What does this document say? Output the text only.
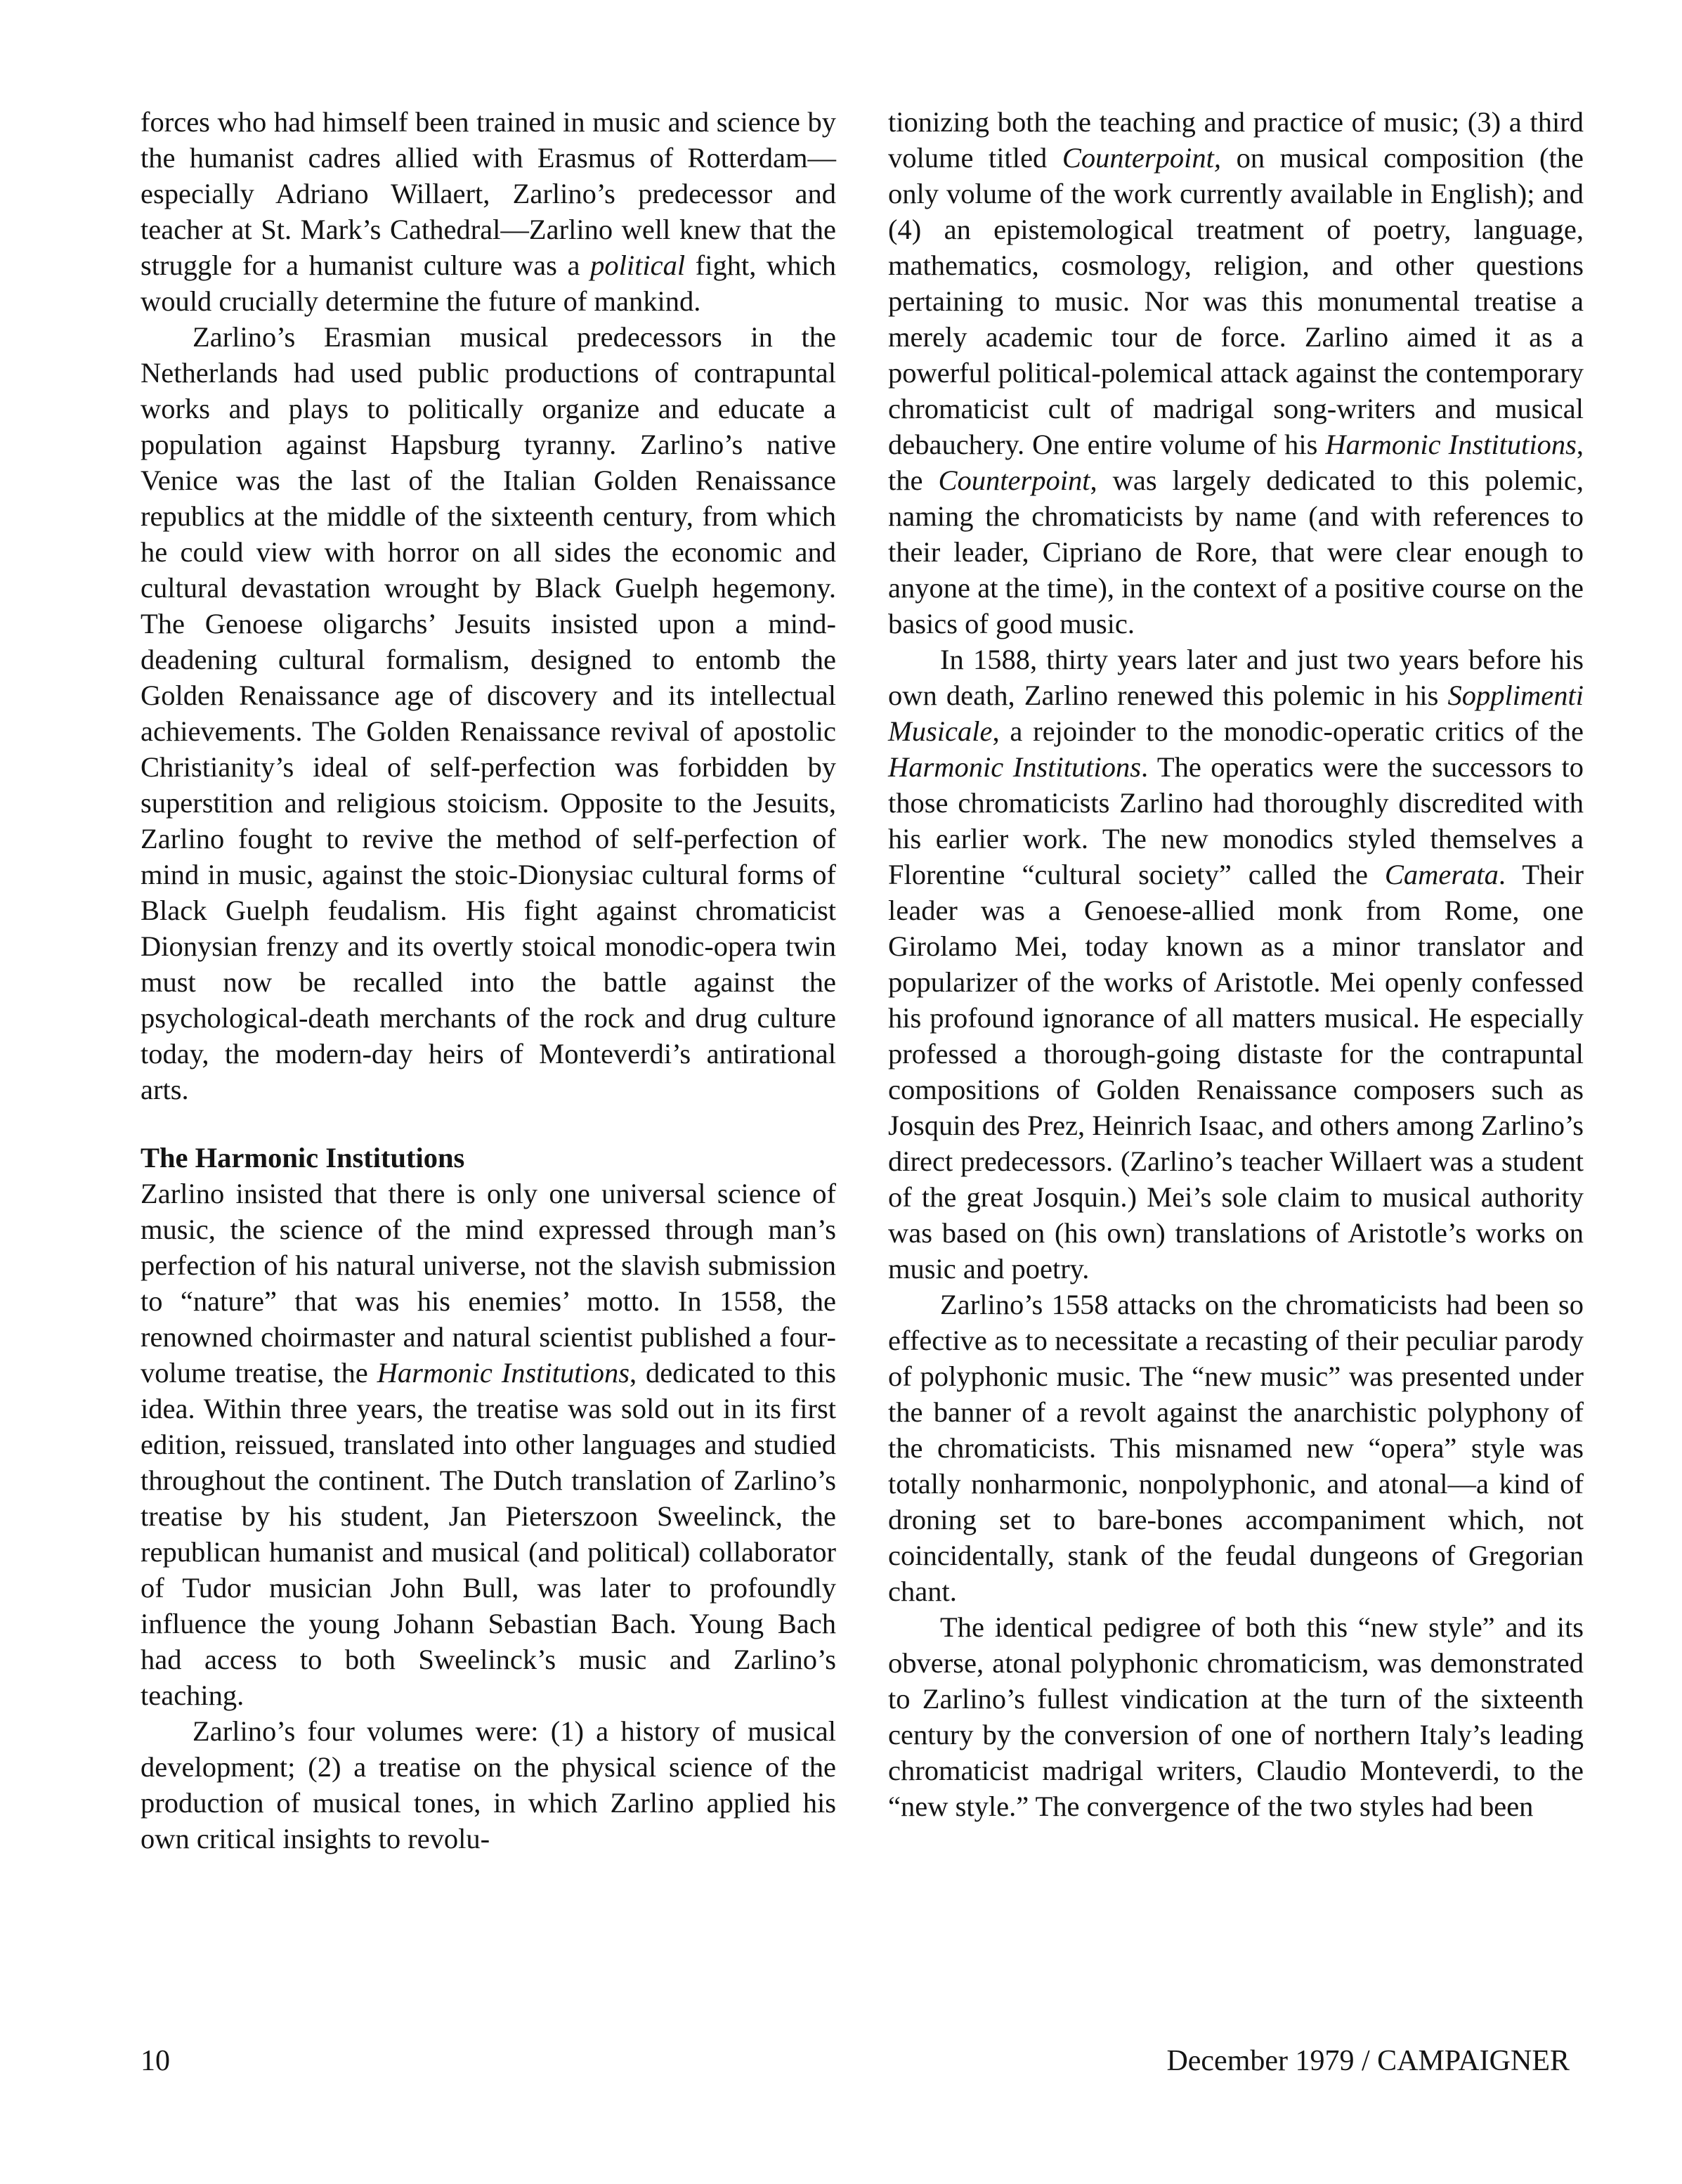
forces who had himself been trained in music and science by the humanist cadres allied with Erasmus of Rotterdam—especially Adriano Willaert, Zarlino’s predecessor and teacher at St. Mark’s Cathedral—Zarlino well knew that the struggle for a humanist culture was a political fight, which would crucially determine the future of mankind.

Zarlino’s Erasmian musical predecessors in the Netherlands had used public productions of contrapuntal works and plays to politically organize and educate a population against Hapsburg tyranny. Zarlino’s native Venice was the last of the Italian Golden Renaissance republics at the middle of the sixteenth century, from which he could view with horror on all sides the economic and cultural devastation wrought by Black Guelph hegemony. The Genoese oligarchs’ Jesuits insisted upon a mind-deadening cultural formalism, designed to entomb the Golden Renaissance age of discovery and its intellectual achievements. The Golden Renaissance revival of apostolic Christianity’s ideal of self-perfection was forbidden by superstition and religious stoicism. Opposite to the Jesuits, Zarlino fought to revive the method of self-perfection of mind in music, against the stoic-Dionysiac cultural forms of Black Guelph feudalism. His fight against chromaticist Dionysian frenzy and its overtly stoical monodic-opera twin must now be recalled into the battle against the psychological-death merchants of the rock and drug culture today, the modern-day heirs of Monteverdi’s antirational arts.

The Harmonic Institutions

Zarlino insisted that there is only one universal science of music, the science of the mind expressed through man’s perfection of his natural universe, not the slavish submission to “nature” that was his enemies’ motto. In 1558, the renowned choirmaster and natural scientist published a four-volume treatise, the Harmonic Institutions, dedicated to this idea. Within three years, the treatise was sold out in its first edition, reissued, translated into other languages and studied throughout the continent. The Dutch translation of Zarlino’s treatise by his student, Jan Pieterszoon Sweelinck, the republican humanist and musical (and political) collaborator of Tudor musician John Bull, was later to profoundly influence the young Johann Sebastian Bach. Young Bach had access to both Sweelinck’s music and Zarlino’s teaching.

Zarlino’s four volumes were: (1) a history of musical development; (2) a treatise on the physical science of the production of musical tones, in which Zarlino applied his own critical insights to revolu-

tionizing both the teaching and practice of music; (3) a third volume titled Counterpoint, on musical composition (the only volume of the work currently available in English); and (4) an epistemological treatment of poetry, language, mathematics, cosmology, religion, and other questions pertaining to music. Nor was this monumental treatise a merely academic tour de force. Zarlino aimed it as a powerful political-polemical attack against the contemporary chromaticist cult of madrigal song-writers and musical debauchery. One entire volume of his Harmonic Institutions, the Counterpoint, was largely dedicated to this polemic, naming the chromaticists by name (and with references to their leader, Cipriano de Rore, that were clear enough to anyone at the time), in the context of a positive course on the basics of good music.

In 1588, thirty years later and just two years before his own death, Zarlino renewed this polemic in his Sopplimenti Musicale, a rejoinder to the monodic-operatic critics of the Harmonic Institutions. The operatics were the successors to those chromaticists Zarlino had thoroughly discredited with his earlier work. The new monodics styled themselves a Florentine “cultural society” called the Camerata. Their leader was a Genoese-allied monk from Rome, one Girolamo Mei, today known as a minor translator and popularizer of the works of Aristotle. Mei openly confessed his profound ignorance of all matters musical. He especially professed a thorough-going distaste for the contrapuntal compositions of Golden Renaissance composers such as Josquin des Prez, Heinrich Isaac, and others among Zarlino’s direct predecessors. (Zarlino’s teacher Willaert was a student of the great Josquin.) Mei’s sole claim to musical authority was based on (his own) translations of Aristotle’s works on music and poetry.

Zarlino’s 1558 attacks on the chromaticists had been so effective as to necessitate a recasting of their peculiar parody of polyphonic music. The “new music” was presented under the banner of a revolt against the anarchistic polyphony of the chromaticists. This misnamed new “opera” style was totally nonharmonic, nonpolyphonic, and atonal—a kind of droning set to bare-bones accompaniment which, not coincidentally, stank of the feudal dungeons of Gregorian chant.

The identical pedigree of both this “new style” and its obverse, atonal polyphonic chromaticism, was demonstrated to Zarlino’s fullest vindication at the turn of the sixteenth century by the conversion of one of northern Italy’s leading chromaticist madrigal writers, Claudio Monteverdi, to the “new style.” The convergence of the two styles had been

10	December 1979 / CAMPAIGNER
